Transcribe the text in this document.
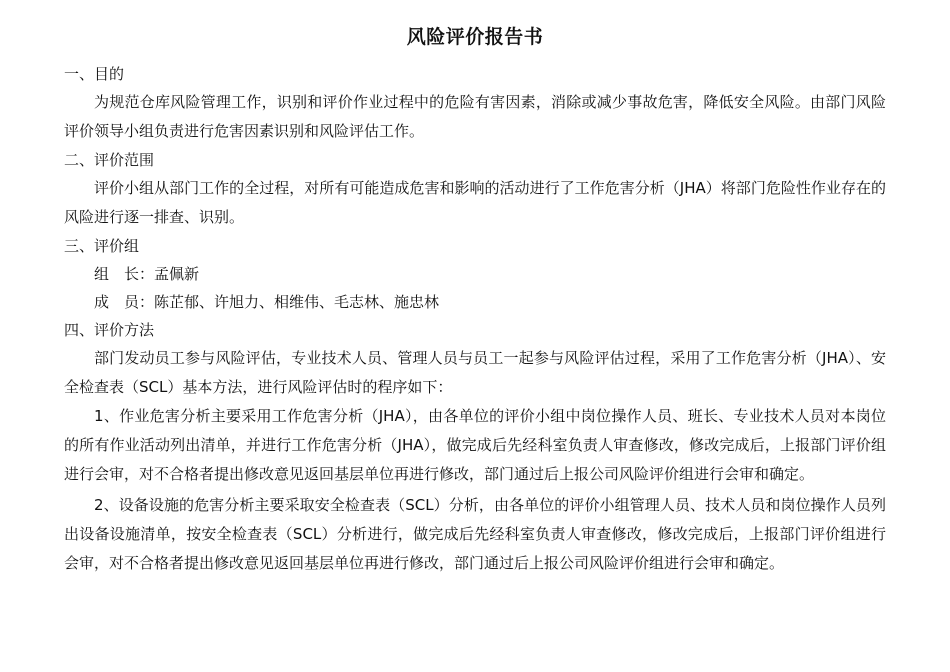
风险评价报告书
一、目的

为规范仓库风险管理工作，识别和评价作业过程中的危险有害因素，消除或减少事故危害，降低安全风险。由部门风险评价领导小组负责进行危害因素识别和风险评估工作。

二、评价范围

评价小组从部门工作的全过程，对所有可能造成危害和影响的活动进行了工作危害分析（JHA）将部门危险性作业存在的风险进行逐一排查、识别。

三、评价组
组　长：孟佩新
成　员：陈芷郁、许旭力、相维伟、毛志林、施忠林
四、评价方法

部门发动员工参与风险评估，专业技术人员、管理人员与员工一起参与风险评估过程，采用了工作危害分析（JHA）、安全检查表（SCL）基本方法，进行风险评估时的程序如下：

1、作业危害分析主要采用工作危害分析（JHA），由各单位的评价小组中岗位操作人员、班长、专业技术人员对本岗位的所有作业活动列出清单，并进行工作危害分析（JHA），做完成后先经科室负责人审查修改，修改完成后，上报部门评价组进行会审，对不合格者提出修改意见返回基层单位再进行修改，部门通过后上报公司风险评价组进行会审和确定。

2、设备设施的危害分析主要采取安全检查表（SCL）分析，由各单位的评价小组管理人员、技术人员和岗位操作人员列出设备设施清单，按安全检查表（SCL）分析进行，做完成后先经科室负责人审查修改，修改完成后，上报部门评价组进行会审，对不合格者提出修改意见返回基层单位再进行修改，部门通过后上报公司风险评价组进行会审和确定。
